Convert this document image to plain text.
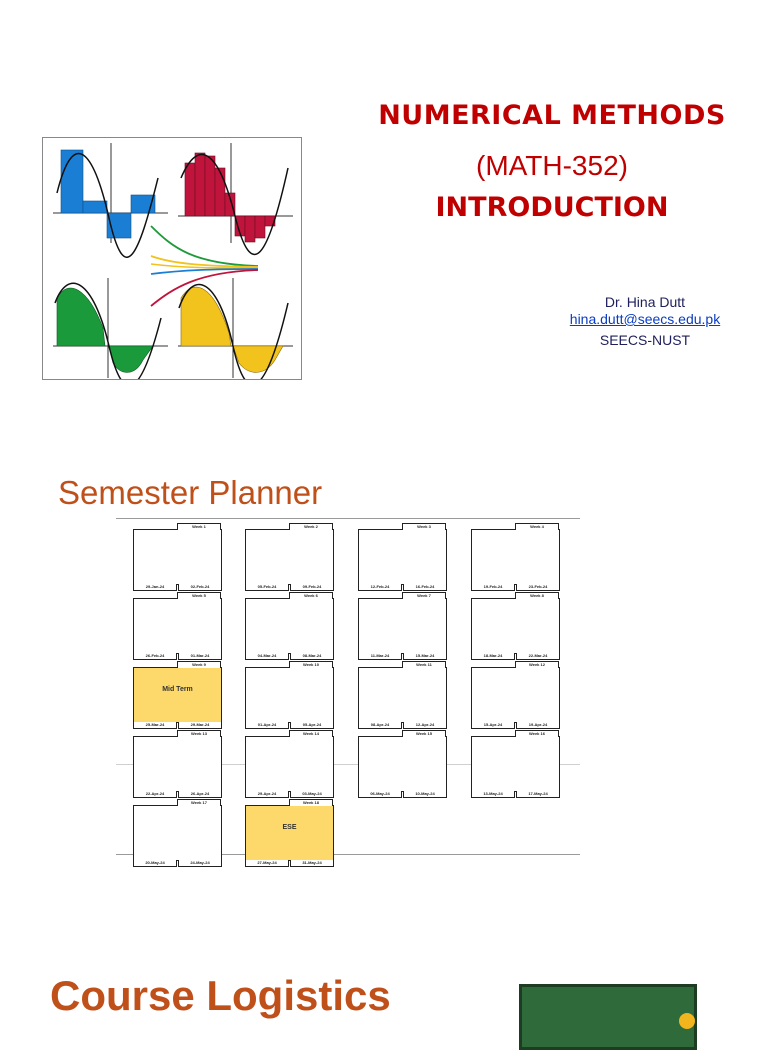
NUMERICAL METHODS
(MATH-352)
INTRODUCTION
Dr. Hina Dutt
hina.dutt@seecs.edu.pk
SEECS-NUST
Semester Planner
Week 1
29-Jan-24	02-Feb-24
Week 2
05-Feb-24	09-Feb-24
Week 3
12-Feb-24	16-Feb-24
Week 4
19-Feb-24	23-Feb-24
Week 5
26-Feb-24	01-Mar-24
Week 6
04-Mar-24	08-Mar-24
Week 7
11-Mar-24	15-Mar-24
Week 8
18-Mar-24	22-Mar-24
Week 9
25-Mar-24	29-Mar-24
Mid Term
Week 10
01-Apr-24	05-Apr-24
Week 11
08-Apr-24	12-Apr-24
Week 12
15-Apr-24	19-Apr-24
Week 13
22-Apr-24	26-Apr-24
Week 14
29-Apr-24	03-May-24
Week 15
06-May-24	10-May-24
Week 16
13-May-24	17-May-24
Week 17
20-May-24	24-May-24
Week 18
27-May-24	31-May-24
ESE
Course Logistics
